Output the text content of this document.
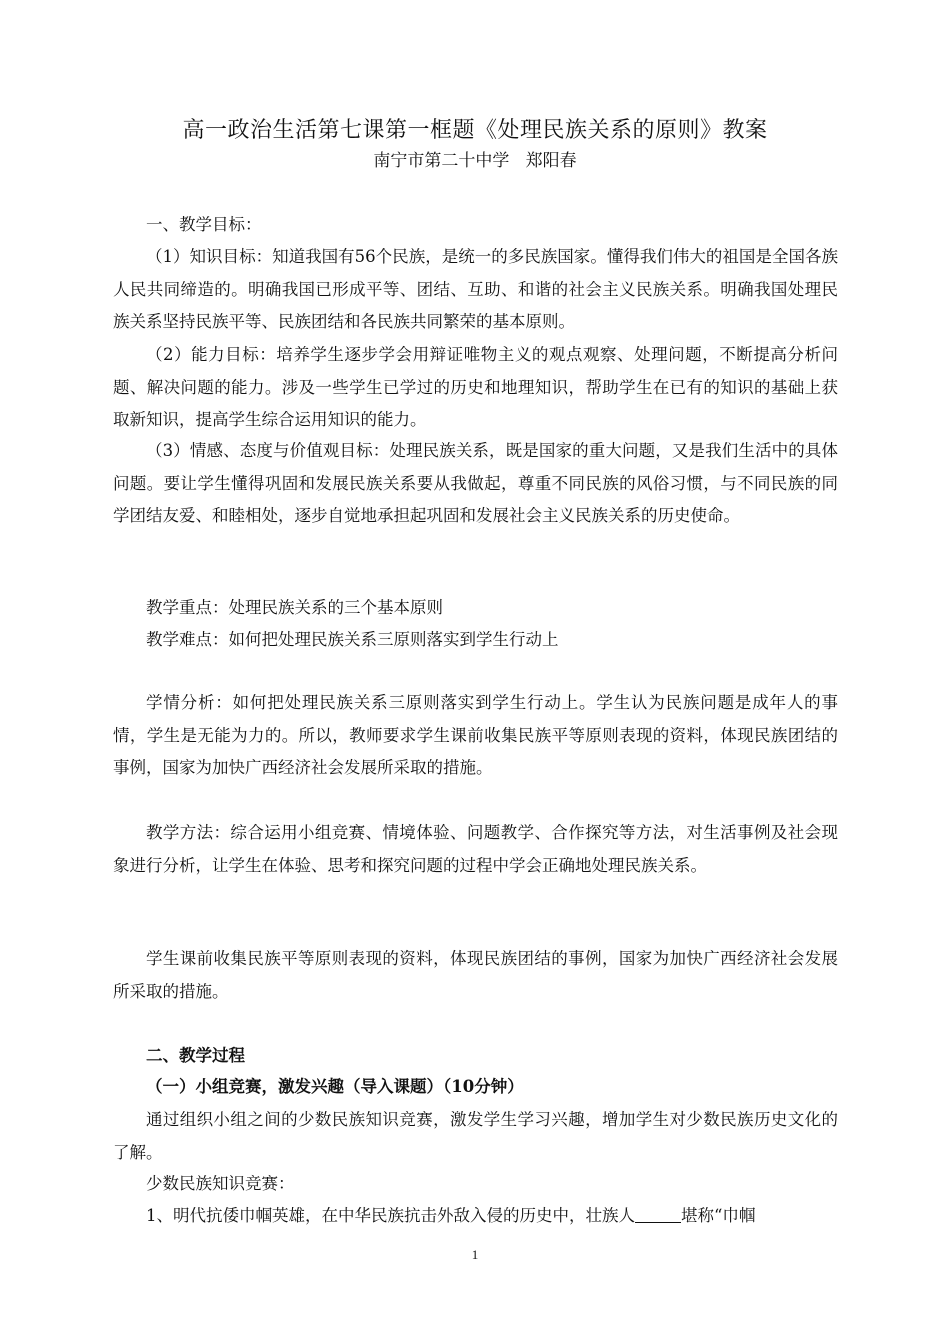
高一政治生活第七课第一框题《处理民族关系的原则》教案
南宁市第二十中学   郑阳春
一、教学目标：
（1）知识目标：知道我国有56个民族，是统一的多民族国家。懂得我们伟大的祖国是全国各族人民共同缔造的。明确我国已形成平等、团结、互助、和谐的社会主义民族关系。明确我国处理民族关系坚持民族平等、民族团结和各民族共同繁荣的基本原则。
（2）能力目标：培养学生逐步学会用辩证唯物主义的观点观察、处理问题，不断提高分析问题、解决问题的能力。涉及一些学生已学过的历史和地理知识，帮助学生在已有的知识的基础上获取新知识，提高学生综合运用知识的能力。
（3）情感、态度与价值观目标：处理民族关系，既是国家的重大问题，又是我们生活中的具体问题。要让学生懂得巩固和发展民族关系要从我做起，尊重不同民族的风俗习惯，与不同民族的同学团结友爱、和睦相处，逐步自觉地承担起巩固和发展社会主义民族关系的历史使命。
教学重点：处理民族关系的三个基本原则
教学难点：如何把处理民族关系三原则落实到学生行动上
学情分析：如何把处理民族关系三原则落实到学生行动上。学生认为民族问题是成年人的事情，学生是无能为力的。所以，教师要求学生课前收集民族平等原则表现的资料，体现民族团结的事例，国家为加快广西经济社会发展所采取的措施。
教学方法：综合运用小组竞赛、情境体验、问题教学、合作探究等方法，对生活事例及社会现象进行分析，让学生在体验、思考和探究问题的过程中学会正确地处理民族关系。
学生课前收集民族平等原则表现的资料，体现民族团结的事例，国家为加快广西经济社会发展所采取的措施。
二、教学过程
（一）小组竞赛，激发兴趣（导入课题）（10分钟）
通过组织小组之间的少数民族知识竞赛，激发学生学习兴趣，增加学生对少数民族历史文化的了解。
少数民族知识竞赛：
1、明代抗倭巾帼英雄，在中华民族抗击外敌入侵的历史中，壮族人	堪称“巾帼
1
